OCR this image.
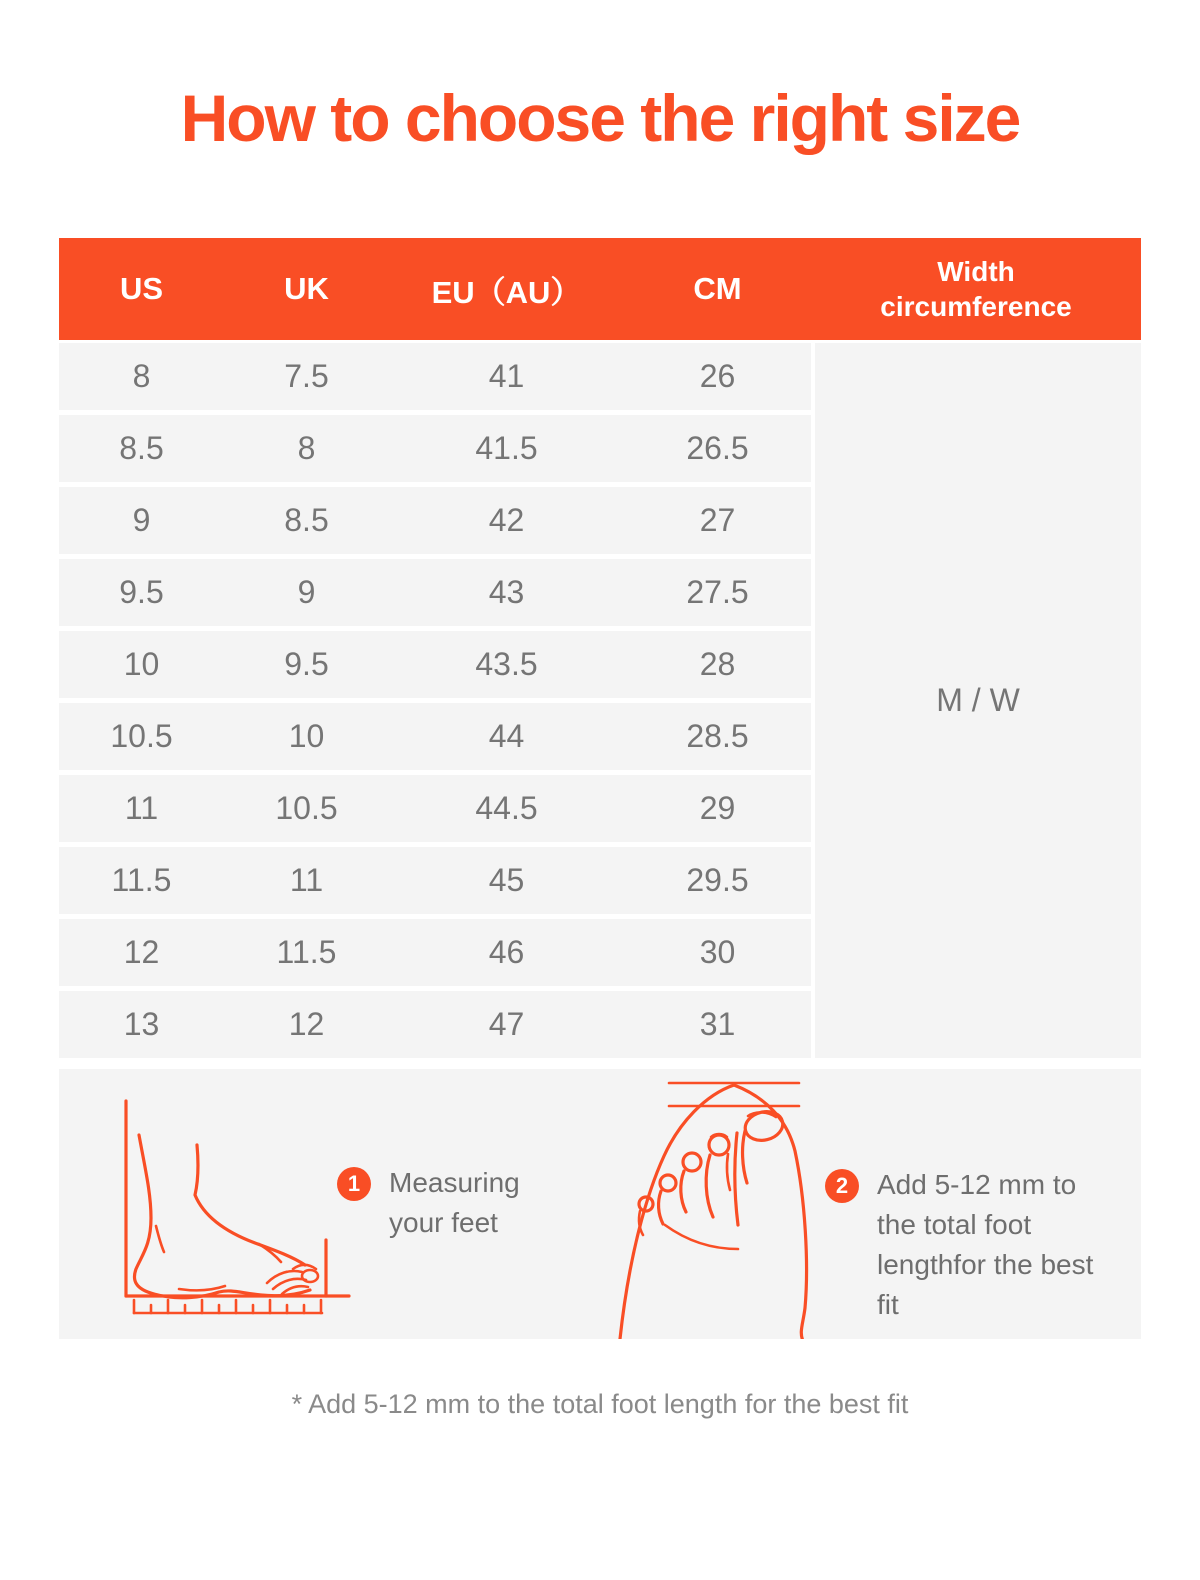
How to choose the right size
US	UK	EU（AU）	CM	Width circumference
8	7.5	41	26
8.5	8	41.5	26.5
9	8.5	42	27
9.5	9	43	27.5
10	9.5	43.5	28
10.5	10	44	28.5
11	10.5	44.5	29
11.5	11	45	29.5
12	11.5	46	30
13	12	47	31
M / W
1	Measuring your feet
2	Add 5-12 mm to the total foot lengthfor the best fit
* Add 5-12 mm to the total foot length for the best fit
